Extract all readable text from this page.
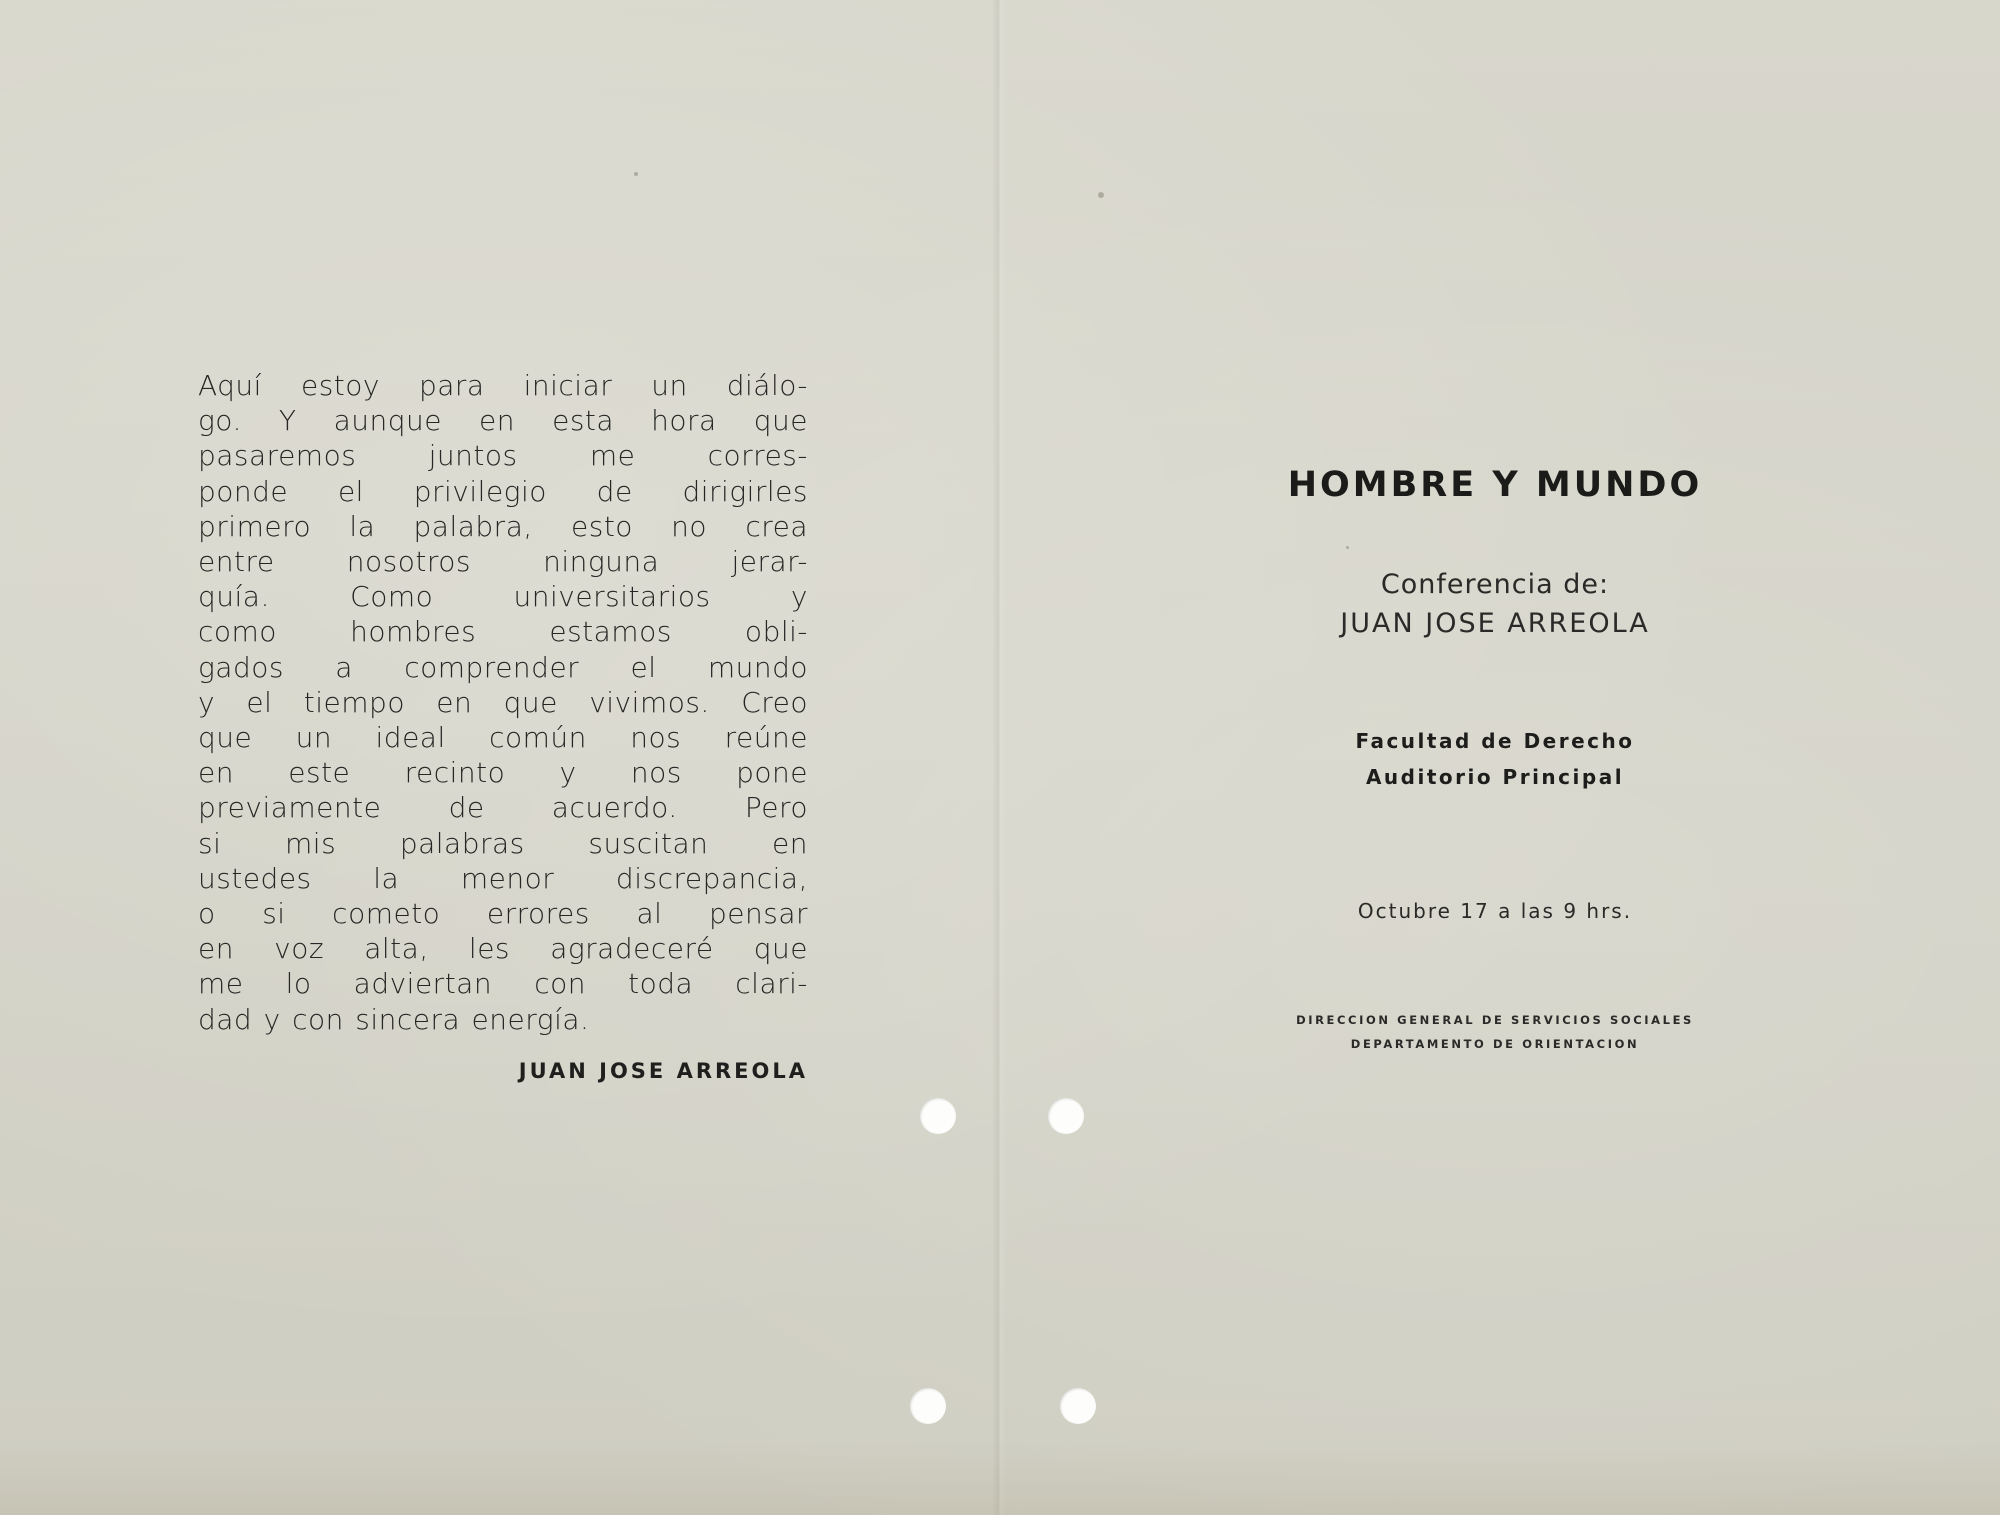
Aquí estoy para iniciar un diálo-
go. Y aunque en esta hora que
pasaremos juntos me corres-
ponde el privilegio de dirigirles
primero la palabra, esto no crea
entre nosotros ninguna jerar-
quía. Como universitarios y
como hombres estamos obli-
gados a comprender el mundo
y el tiempo en que vivimos. Creo
que un ideal común nos reúne
en este recinto y nos pone
previamente de acuerdo. Pero
si mis palabras suscitan en
ustedes la menor discrepancia,
o si cometo errores al pensar
en voz alta, les agradeceré que
me lo adviertan con toda clari-
dad y con sincera energía.

JUAN JOSE ARREOLA
HOMBRE Y MUNDO
Conferencia de:
JUAN JOSE ARREOLA
Facultad de Derecho
Auditorio Principal
Octubre 17 a las 9 hrs.
DIRECCION GENERAL DE SERVICIOS SOCIALES
DEPARTAMENTO DE ORIENTACION
